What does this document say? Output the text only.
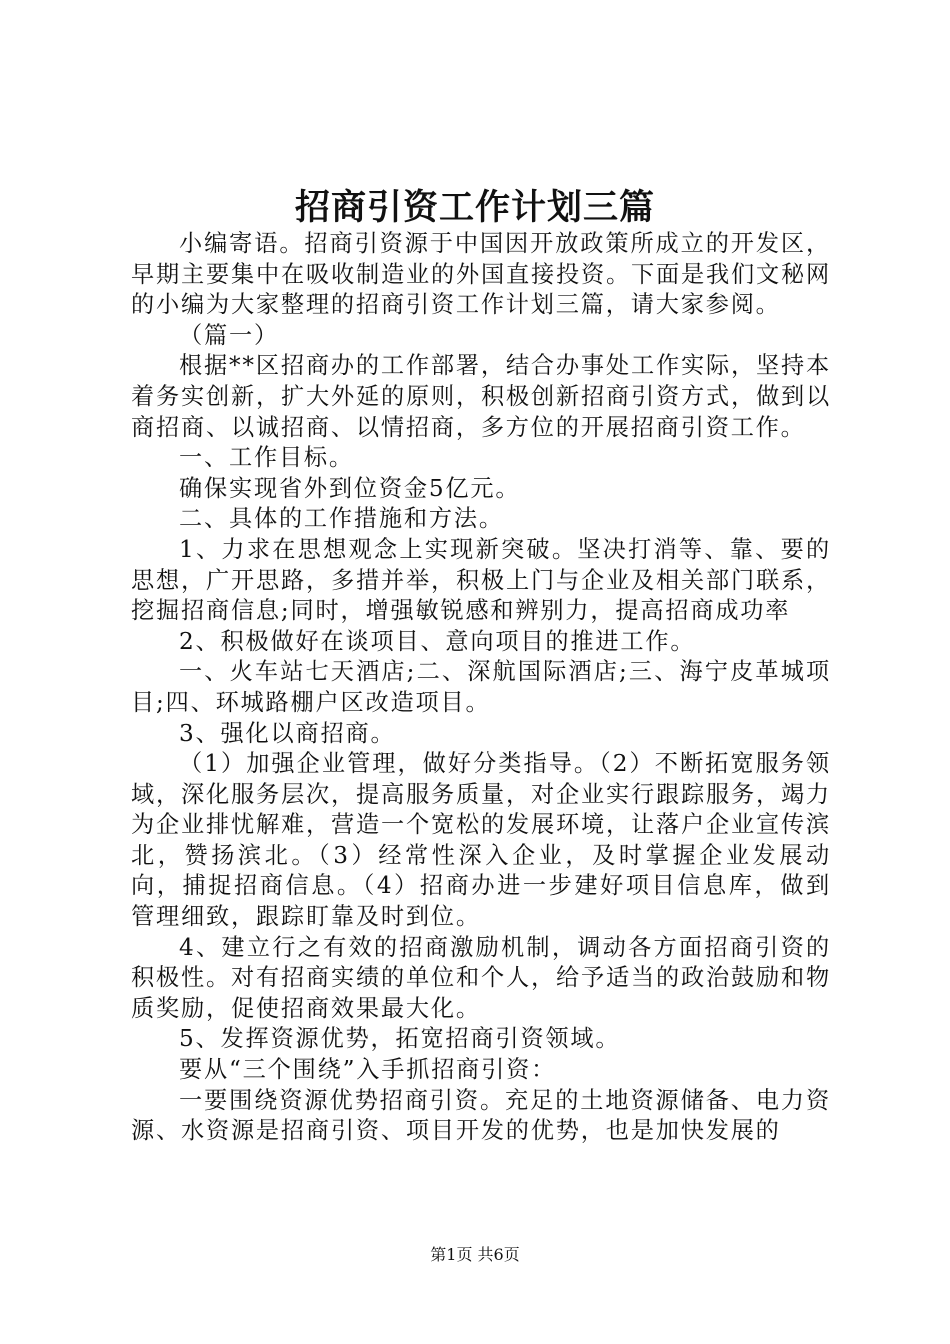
招商引资工作计划三篇

小编寄语。招商引资源于中国因开放政策所成立的开发区，早期主要集中在吸收制造业的外国直接投资。下面是我们文秘网的小编为大家整理的招商引资工作计划三篇，请大家参阅。

（篇一）

根据**区招商办的工作部署，结合办事处工作实际，坚持本着务实创新，扩大外延的原则，积极创新招商引资方式，做到以商招商、以诚招商、以情招商，多方位的开展招商引资工作。

一、工作目标。

确保实现省外到位资金5亿元。

二、具体的工作措施和方法。

1、力求在思想观念上实现新突破。坚决打消等、靠、要的思想，广开思路，多措并举，积极上门与企业及相关部门联系，挖掘招商信息;同时，增强敏锐感和辨别力，提高招商成功率

2、积极做好在谈项目、意向项目的推进工作。

一、火车站七天酒店;二、深航国际酒店;三、海宁皮革城项目;四、环城路棚户区改造项目。

3、强化以商招商。

（1）加强企业管理，做好分类指导。（2）不断拓宽服务领域，深化服务层次，提高服务质量，对企业实行跟踪服务，竭力为企业排忧解难，营造一个宽松的发展环境，让落户企业宣传滨北，赞扬滨北。（3）经常性深入企业，及时掌握企业发展动向，捕捉招商信息。（4）招商办进一步建好项目信息库，做到管理细致，跟踪盯靠及时到位。

4、建立行之有效的招商激励机制，调动各方面招商引资的积极性。对有招商实绩的单位和个人，给予适当的政治鼓励和物质奖励，促使招商效果最大化。

5、发挥资源优势，拓宽招商引资领域。

要从“三个围绕”入手抓招商引资：

一要围绕资源优势招商引资。充足的土地资源储备、电力资源、水资源是招商引资、项目开发的优势，也是加快发展的

第1页 共6页
